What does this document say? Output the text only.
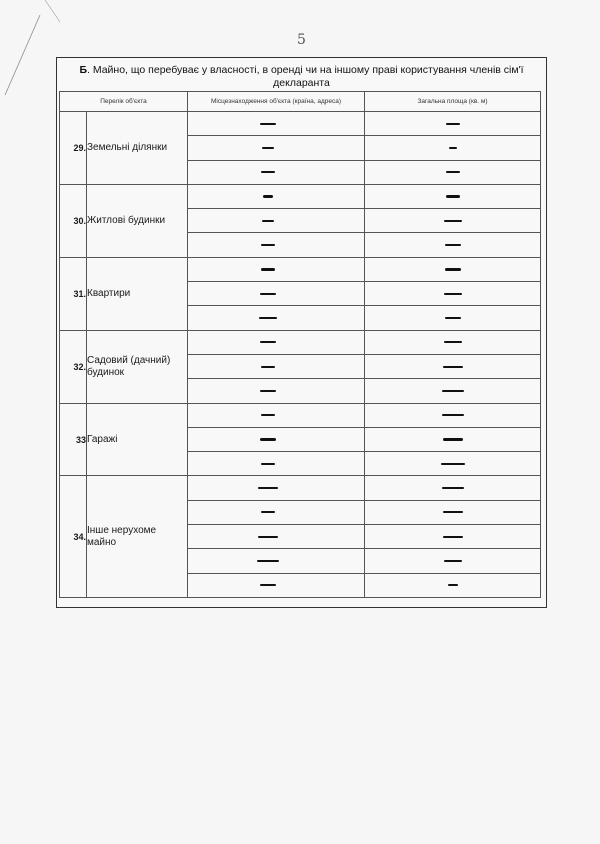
5
Б. Майно, що перебуває у власності, в оренді чи на іншому праві користування членів сім'ї декларанта
Перелік об'єкта		Місцезнаходження об'єкта (країна, адреса)	Загальна площа (кв. м)
29.	Земельні ділянки	

30.	Житлові будинки	

31.	Квартири	

32.	Садовий (дачний) будинок	

33	Гаражі	

34.	Інше нерухоме майно	
